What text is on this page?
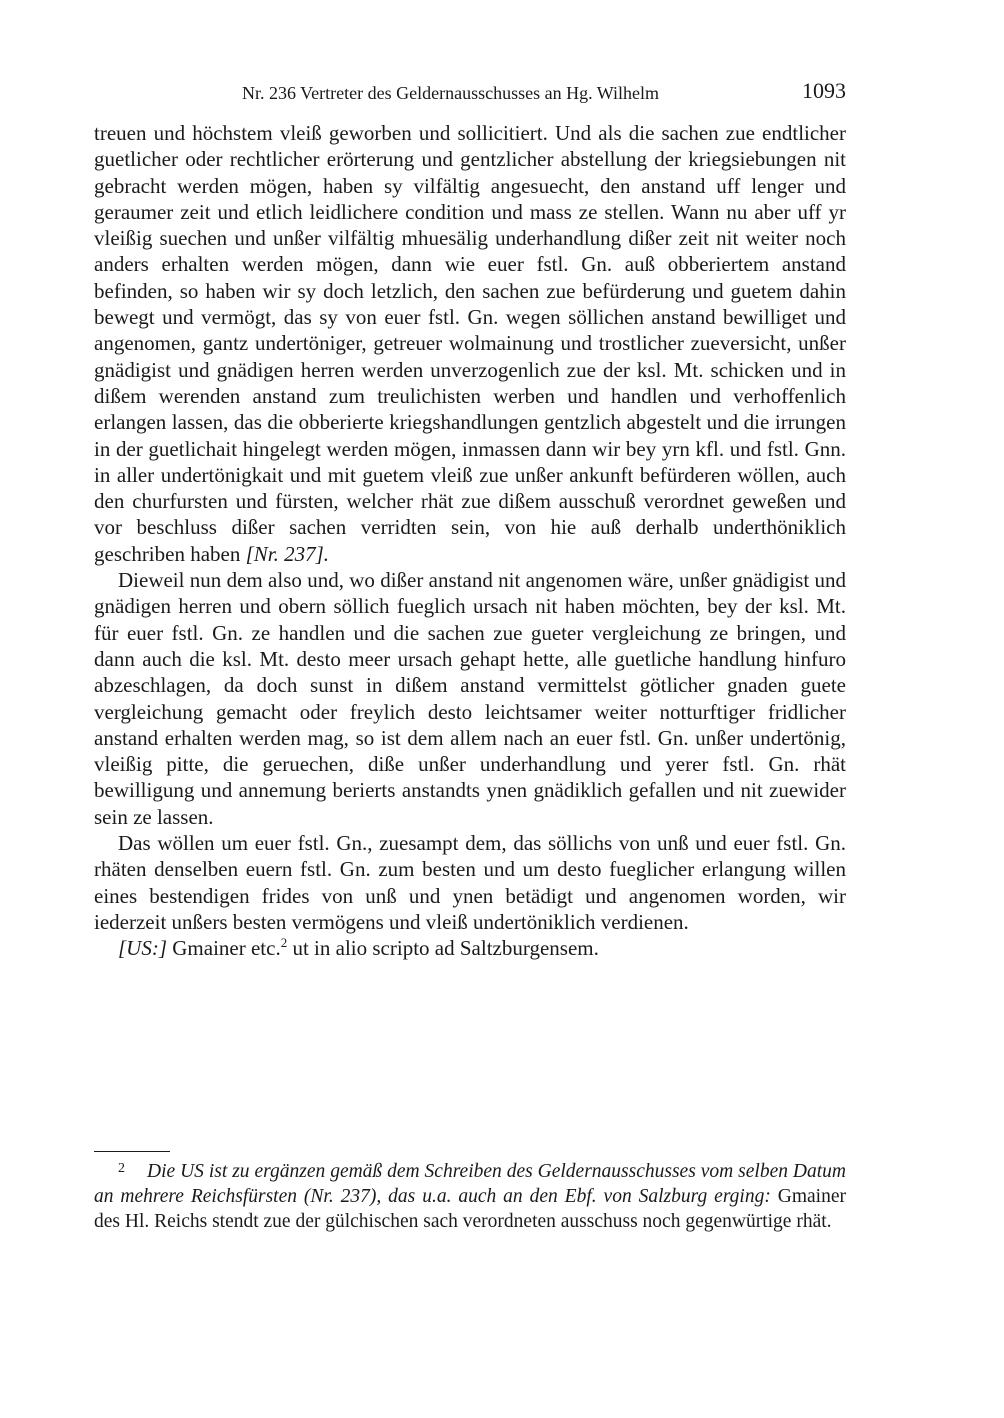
Nr. 236 Vertreter des Geldernausschusses an Hg. Wilhelm	1093

treuen und höchstem vleiß geworben und sollicitiert. Und als die sachen zue endtlicher guetlicher oder rechtlicher erörterung und gentzlicher abstellung der kriegsiebungen nit gebracht werden mögen, haben sy vilfältig angesuecht, den anstand uff lenger und geraumer zeit und etlich leidlichere condition und mass ze stellen. Wann nu aber uff yr vleißig suechen und unßer vilfältig mhuesälig underhandlung dißer zeit nit weiter noch anders erhalten werden mögen, dann wie euer fstl. Gn. auß obberiertem anstand befinden, so haben wir sy doch letzlich, den sachen zue befürderung und guetem dahin bewegt und vermögt, das sy von euer fstl. Gn. wegen söllichen anstand bewilliget und angenomen, gantz undertöniger, getreuer wolmainung und trostlicher zueversicht, unßer gnädigist und gnädigen herren werden unverzogenlich zue der ksl. Mt. schicken und in dißem werenden anstand zum treulichisten werben und handlen und verhoffenlich erlangen lassen, das die obberierte kriegshandlungen gentzlich abgestelt und die irrungen in der guetlichait hingelegt werden mögen, inmassen dann wir bey yrn kfl. und fstl. Gnn. in aller undertönigkait und mit guetem vleiß zue unßer ankunft befürderen wöllen, auch den churfursten und fürsten, welcher rhät zue dißem ausschuß verordnet geweßen und vor beschluss dißer sachen verridten sein, von hie auß derhalb underthöniklich geschriben haben [Nr. 237].

Dieweil nun dem also und, wo dißer anstand nit angenomen wäre, unßer gnädigist und gnädigen herren und obern söllich fueglich ursach nit haben möchten, bey der ksl. Mt. für euer fstl. Gn. ze handlen und die sachen zue gueter vergleichung ze bringen, und dann auch die ksl. Mt. desto meer ursach gehapt hette, alle guetliche handlung hinfuro abzeschlagen, da doch sunst in dißem anstand vermittelst götlicher gnaden guete vergleichung gemacht oder freylich desto leichtsamer weiter notturftiger fridlicher anstand erhalten werden mag, so ist dem allem nach an euer fstl. Gn. unßer undertönig, vleißig pitte, die geruechen, diße unßer underhandlung und yerer fstl. Gn. rhät bewilligung und annemung berierts anstandts ynen gnädiklich gefallen und nit zuewider sein ze lassen.

Das wöllen um euer fstl. Gn., zuesampt dem, das söllichs von unß und euer fstl. Gn. rhäten denselben euern fstl. Gn. zum besten und um desto fueglicher erlangung willen eines bestendigen frides von unß und ynen betädigt und angenomen worden, wir iederzeit unßers besten vermögens und vleiß undertöniklich verdienen.

[US:] Gmainer etc.$^2$ ut in alio scripto ad Saltzburgensem.

2 Die US ist zu ergänzen gemäß dem Schreiben des Geldernausschusses vom selben Datum an mehrere Reichsfürsten (Nr. 237), das u.a. auch an den Ebf. von Salzburg erging: Gmainer des Hl. Reichs stendt zue der gülchischen sach verordneten ausschuss noch gegenwürtige rhät.
